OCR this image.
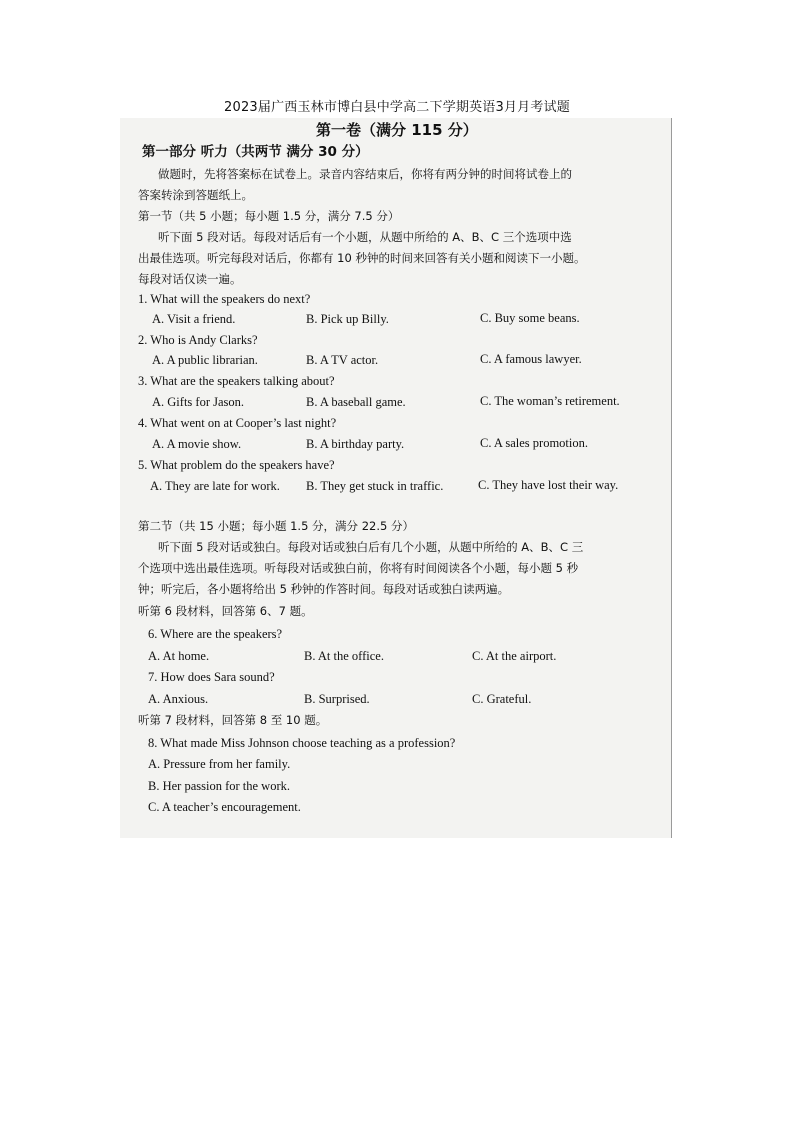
2023届广西玉林市博白县中学高二下学期英语3月月考试题
第一卷（满分 115 分）
第一部分 听力（共两节 满分 30 分）
做题时，先将答案标在试卷上。录音内容结束后，你将有两分钟的时间将试卷上的
答案转涂到答题纸上。
第一节（共 5 小题；每小题 1.5 分，满分 7.5 分）
听下面 5 段对话。每段对话后有一个小题，从题中所给的 A、B、C 三个选项中选
出最佳选项。听完每段对话后，你都有 10 秒钟的时间来回答有关小题和阅读下一小题。
每段对话仅读一遍。
1. What will the speakers do next?
A. Visit a friend.	B. Pick up Billy.	C. Buy some beans.
2. Who is Andy Clarks?
A. A public librarian.	B. A TV actor.	C. A famous lawyer.
3. What are the speakers talking about?
A. Gifts for Jason.	B. A baseball game.	C. The woman’s retirement.
4. What went on at Cooper’s last night?
A. A movie show.	B. A birthday party.	C. A sales promotion.
5. What problem do the speakers have?
A. They are late for work. B. They get stuck in traffic.	C. They have lost their way.
第二节（共 15 小题；每小题 1.5 分，满分 22.5 分）
听下面 5 段对话或独白。每段对话或独白后有几个小题，从题中所给的 A、B、C 三
个选项中选出最佳选项。听每段对话或独白前，你将有时间阅读各个小题，每小题 5 秒
钟；听完后，各小题将给出 5 秒钟的作答时间。每段对话或独白读两遍。
听第 6 段材料，回答第 6、7 题。
6. Where are the speakers?
A. At home.	B. At the office.	C. At the airport.
7. How does Sara sound?
A. Anxious.	B. Surprised.	C. Grateful.
听第 7 段材料，回答第 8 至 10 题。
8. What made Miss Johnson choose teaching as a profession?
A. Pressure from her family.
B. Her passion for the work.
C. A teacher’s encouragement.
